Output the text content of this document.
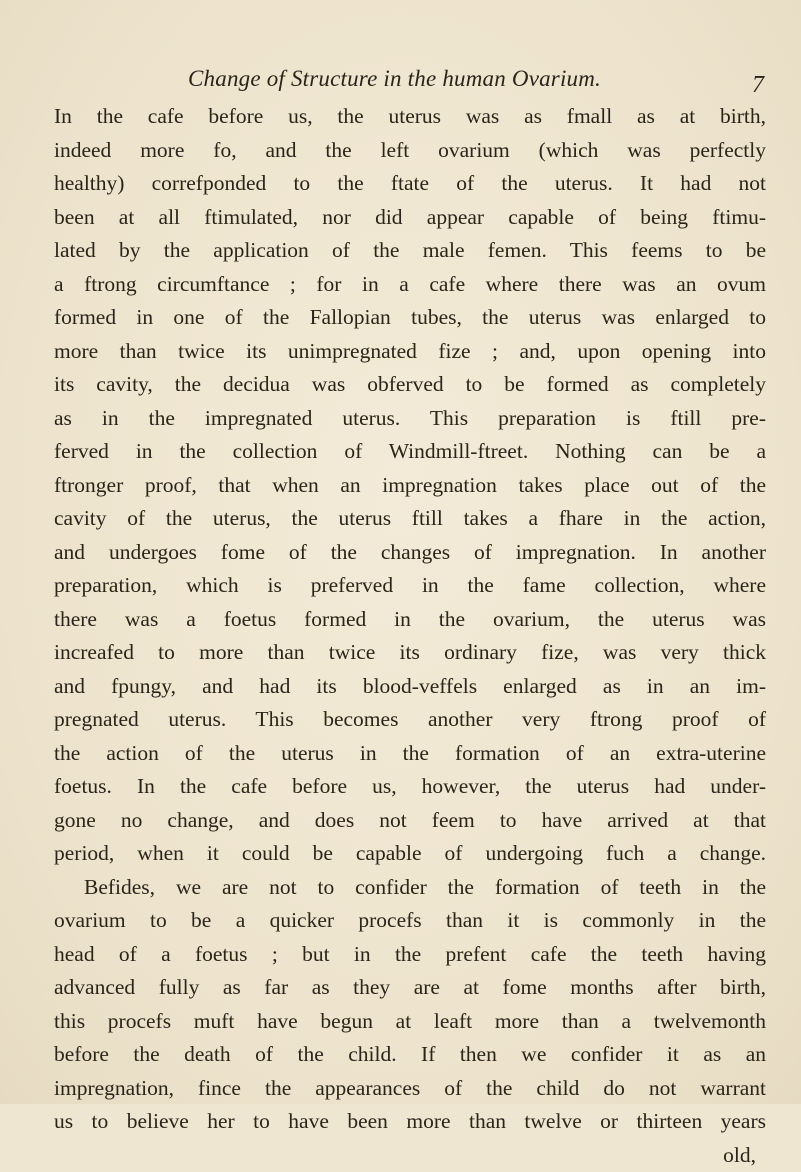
Change of Structure in the human Ovarium.	7
In the cafe before us, the uterus was as fmall as at birth,
indeed more fo, and the left ovarium (which was perfectly
healthy) correfponded to the ftate of the uterus. It had not
been at all ftimulated, nor did appear capable of being ftimu-
lated by the application of the male femen. This feems to be
a ftrong circumftance ; for in a cafe where there was an ovum
formed in one of the Fallopian tubes, the uterus was enlarged to
more than twice its unimpregnated fize ; and, upon opening into
its cavity, the decidua was obferved to be formed as completely
as in the impregnated uterus. This preparation is ftill pre-
ferved in the collection of Windmill-ftreet. Nothing can be a
ftronger proof, that when an impregnation takes place out of the
cavity of the uterus, the uterus ftill takes a fhare in the action,
and undergoes fome of the changes of impregnation. In another
preparation, which is preferved in the fame collection, where
there was a foetus formed in the ovarium, the uterus was
increafed to more than twice its ordinary fize, was very thick
and fpungy, and had its blood-veffels enlarged as in an im-
pregnated uterus. This becomes another very ftrong proof of
the action of the uterus in the formation of an extra-uterine
foetus. In the cafe before us, however, the uterus had under-
gone no change, and does not feem to have arrived at that
period, when it could be capable of undergoing fuch a change.
Befides, we are not to confider the formation of teeth in the
ovarium to be a quicker procefs than it is commonly in the
head of a foetus ; but in the prefent cafe the teeth having
advanced fully as far as they are at fome months after birth,
this procefs muft have begun at leaft more than a twelvemonth
before the death of the child. If then we confider it as an
impregnation, fince the appearances of the child do not warrant
us to believe her to have been more than twelve or thirteen years
old,
